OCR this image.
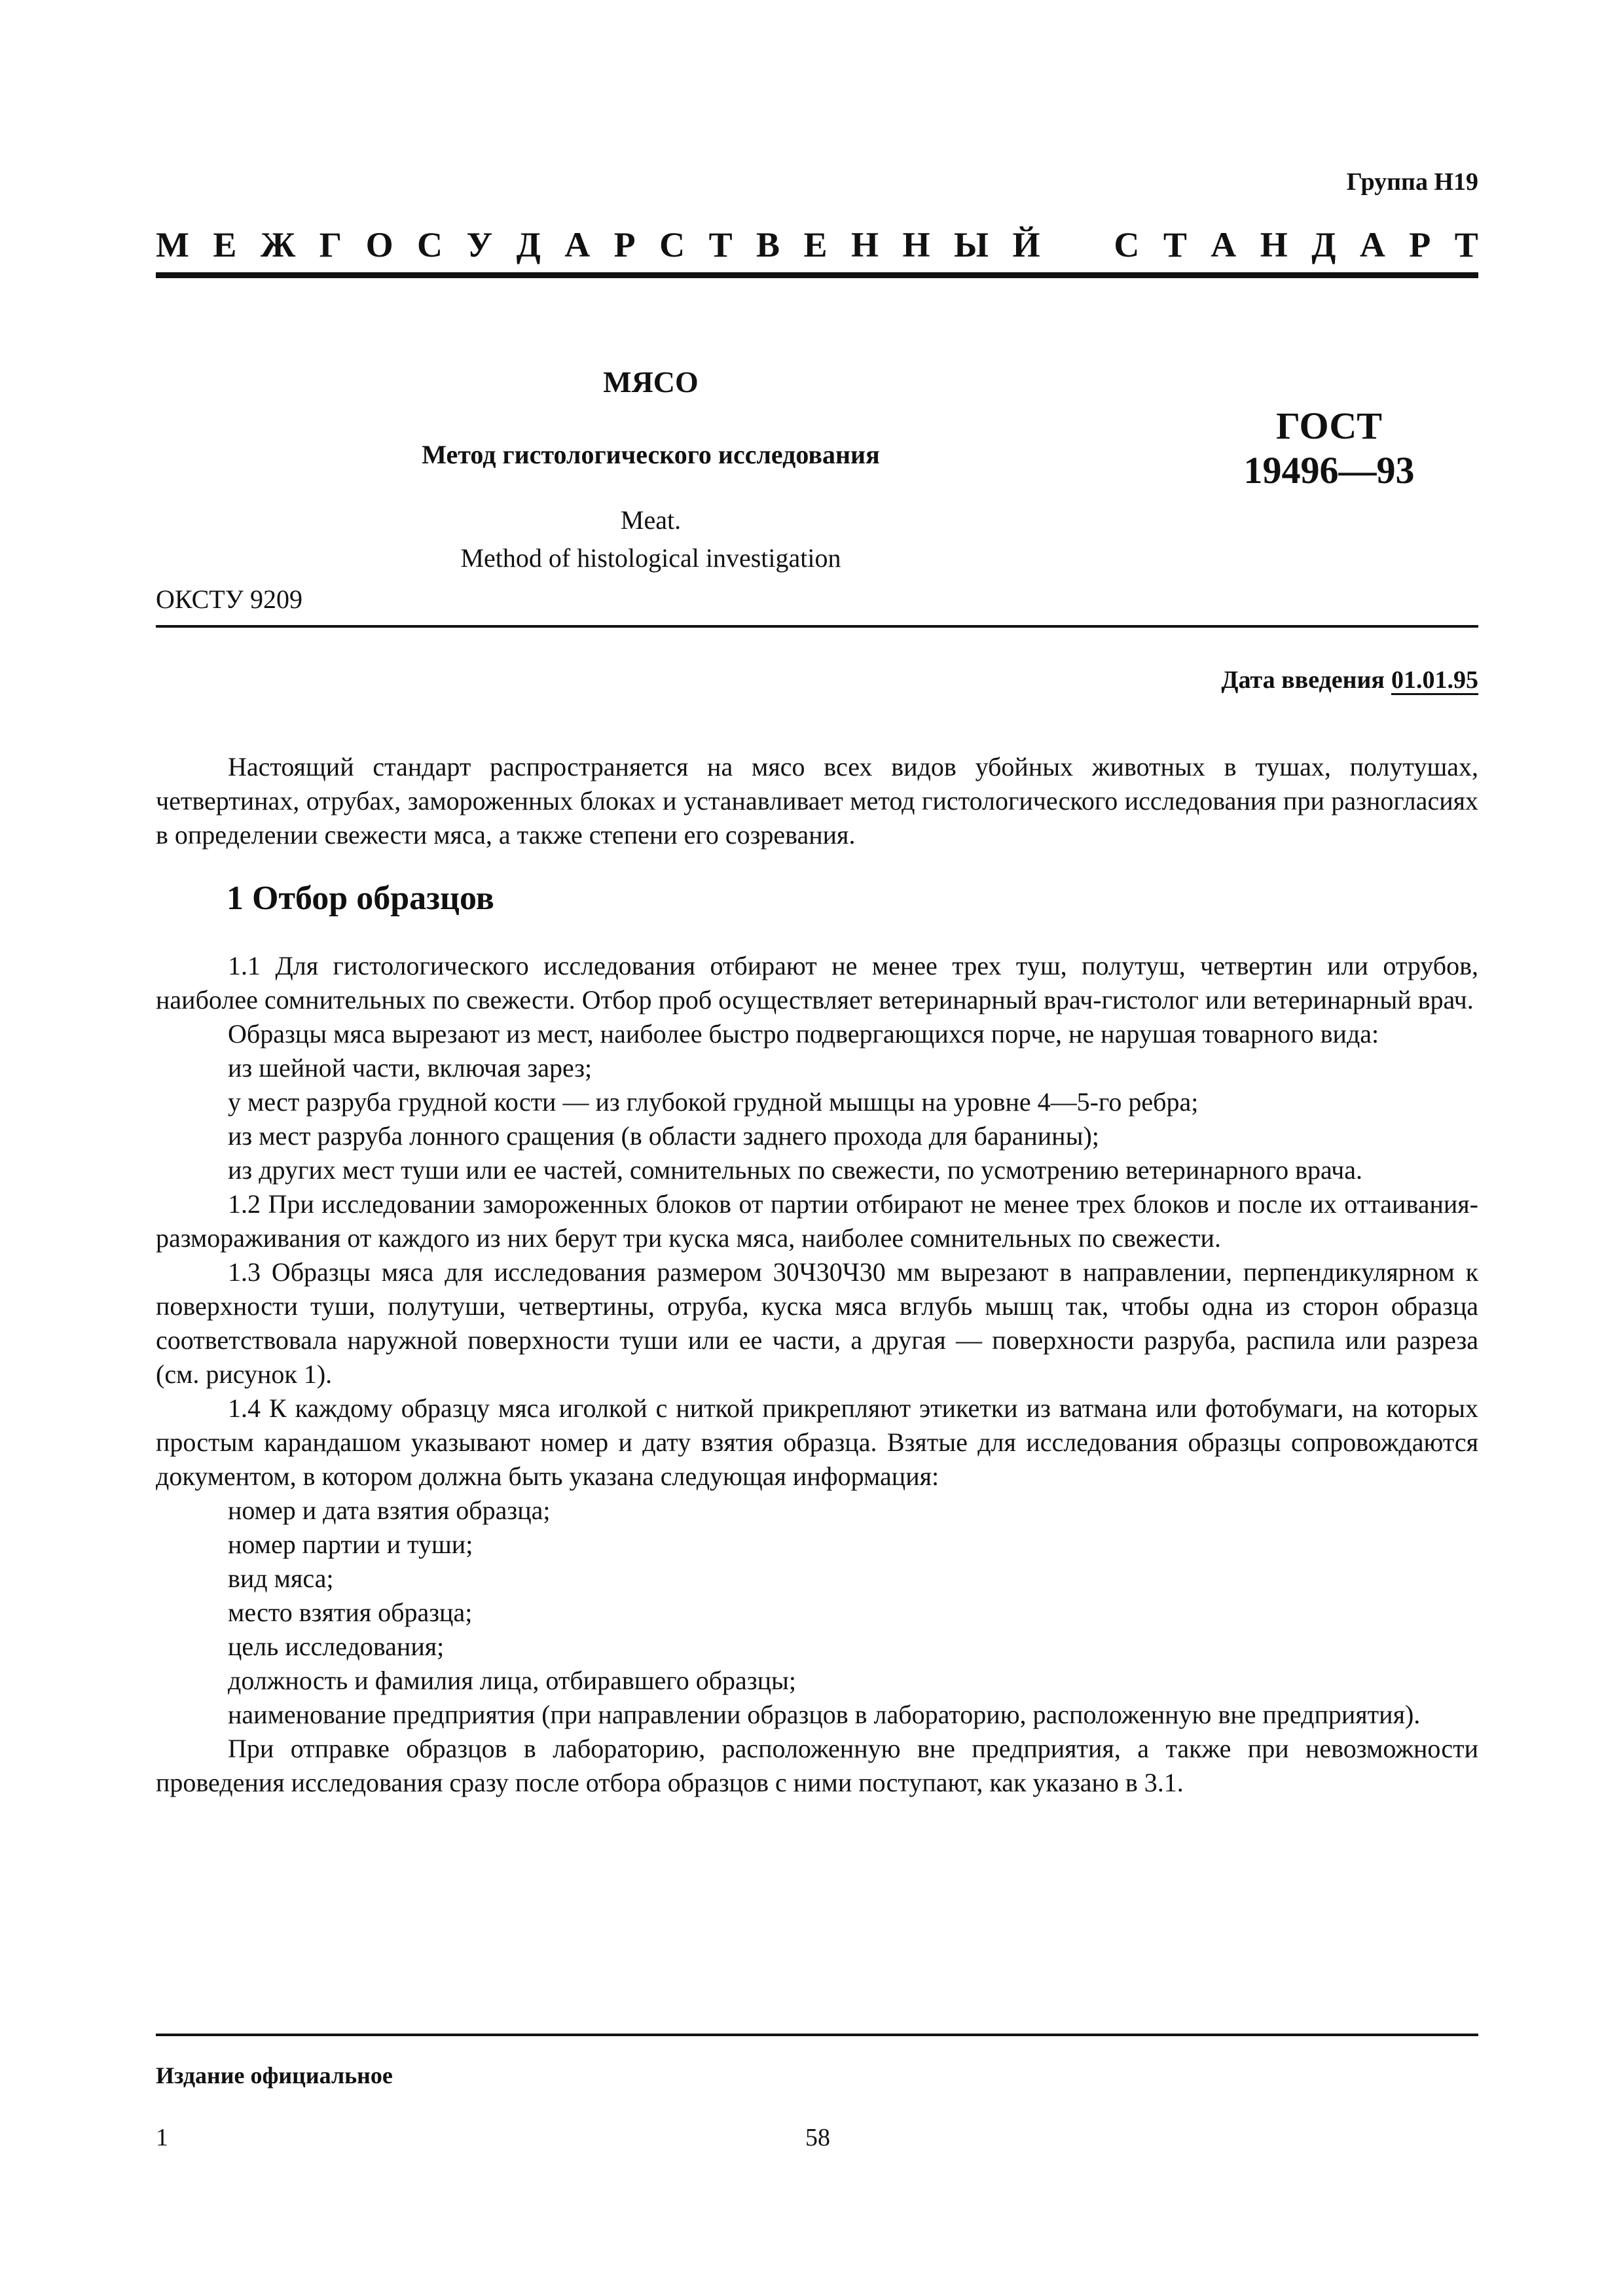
Группа Н19
М Е Ж Г О С У Д А Р С Т В Е Н Н Ы Й С Т А Н Д А Р Т

МЯСО

Метод гистологического исследования

Meat.
Method of histological investigation

ГОСТ
19496—93
ОКСТУ 9209
Дата введения 01.01.95

Настоящий стандарт распространяется на мясо всех видов убойных животных в тушах, полутушах, четвертинах, отрубах, замороженных блоках и устанавливает метод гистологического исследования при разногласиях в определении свежести мяса, а также степени его созревания.

1 Отбор образцов

1.1 Для гистологического исследования отбирают не менее трех туш, полутуш, четвертин или отрубов, наиболее сомнительных по свежести. Отбор проб осуществляет ветеринарный врач-гистолог или ветеринарный врач.

Образцы мяса вырезают из мест, наиболее быстро подвергающихся порче, не нарушая товарного вида:

из шейной части, включая зарез;

у мест разруба грудной кости — из глубокой грудной мышцы на уровне 4—5-го ребра;

из мест разруба лонного сращения (в области заднего прохода для баранины);

из других мест туши или ее частей, сомнительных по свежести, по усмотрению ветеринарного врача.

1.2 При исследовании замороженных блоков от партии отбирают не менее трех блоков и после их оттаивания-размораживания от каждого из них берут три куска мяса, наиболее сомнительных по свежести.

1.3 Образцы мяса для исследования размером 30Ч30Ч30 мм вырезают в направлении, перпендикулярном к поверхности туши, полутуши, четвертины, отруба, куска мяса вглубь мышц так, чтобы одна из сторон образца соответствовала наружной поверхности туши или ее части, а другая — поверхности разруба, распила или разреза (см. рисунок 1).

1.4 К каждому образцу мяса иголкой с ниткой прикрепляют этикетки из ватмана или фотобумаги, на которых простым карандашом указывают номер и дату взятия образца. Взятые для исследования образцы сопровождаются документом, в котором должна быть указана следующая информация:

номер и дата взятия образца;

номер партии и туши;

вид мяса;

место взятия образца;

цель исследования;

должность и фамилия лица, отбиравшего образцы;

наименование предприятия (при направлении образцов в лабораторию, расположенную вне предприятия).

При отправке образцов в лабораторию, расположенную вне предприятия, а также при невозможности проведения исследования сразу после отбора образцов с ними поступают, как указано в 3.1.

Издание официальное
1	58
